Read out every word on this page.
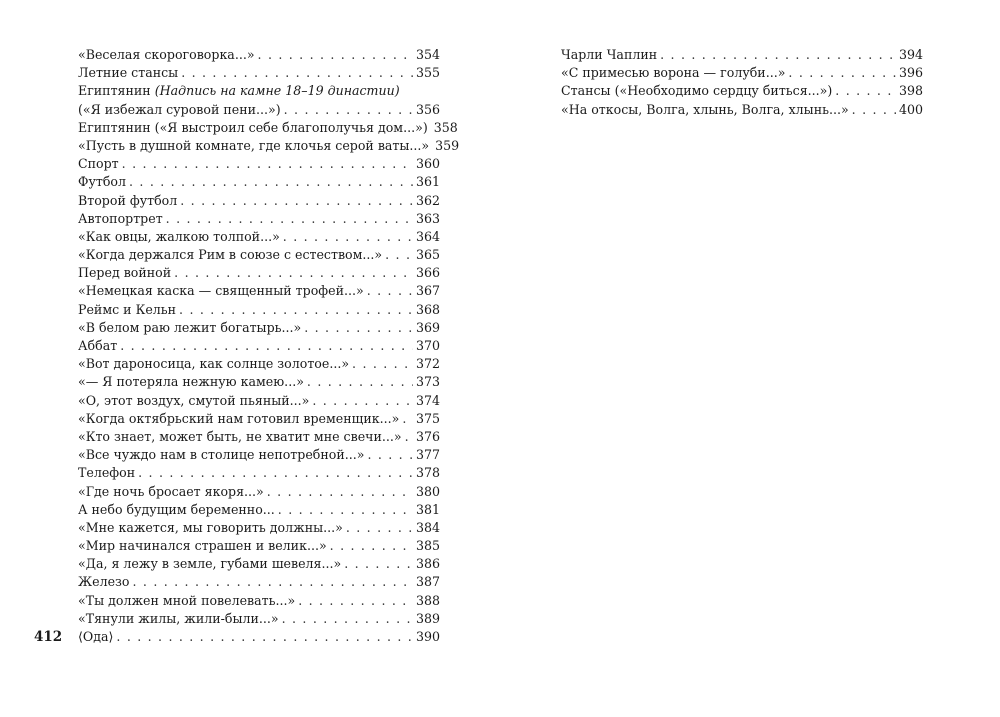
«Веселая скороговорка...» . . .	354
Летние стансы . . .	355
Египтянин (Надпись на камне 18–19 династии)
(«Я избежал суровой пени...») . . .	356
Египтянин («Я выстроил себе благополучья дом...») 358
«Пусть в душной комнате, где клочья серой ваты...» 359
Спорт . . .	360
Футбол . . .	361
Второй футбол . . .	362
Автопортрет . . .	363
«Как овцы, жалкою толпой...» . . .	364
«Когда держался Рим в союзе с естеством...» . . .	365
Перед войной . . .	366
«Немецкая каска — священный трофей...» . . .	367
Реймс и Кельн . . .	368
«В белом раю лежит богатырь...» . . .	369
Аббат . . .	370
«Вот дароносица, как солнце золотое...» . . .	372
«— Я потеряла нежную камею...» . . .	373
«О, этот воздух, смутой пьяный...» . . .	374
«Когда октябрьский нам готовил временщик...» . . . 375
«Кто знает, может быть, не хватит мне свечи...» . . . 376
«Все чуждо нам в столице непотребной...» . . .	377
Телефон . . .	378
«Где ночь бросает якоря...» . . .	380
А небо будущим беременно... . . .	381
«Мне кажется, мы говорить должны...» . . .	384
«Мир начинался страшен и велик...» . . .	385
«Да, я лежу в земле, губами шевеля...» . . .	386
Железо . . .	387
«Ты должен мной повелевать...» . . .	388
«Тянули жилы, жили-были...» . . .	389
⟨Ода⟩ . . .	390
Чарли Чаплин . . .	394
«С примесью ворона — голуби...» . . .	396
Стансы («Необходимо сердцу биться...») . . .	398
«На откосы, Волга, хлынь, Волга, хлынь...» . . .	400
412
